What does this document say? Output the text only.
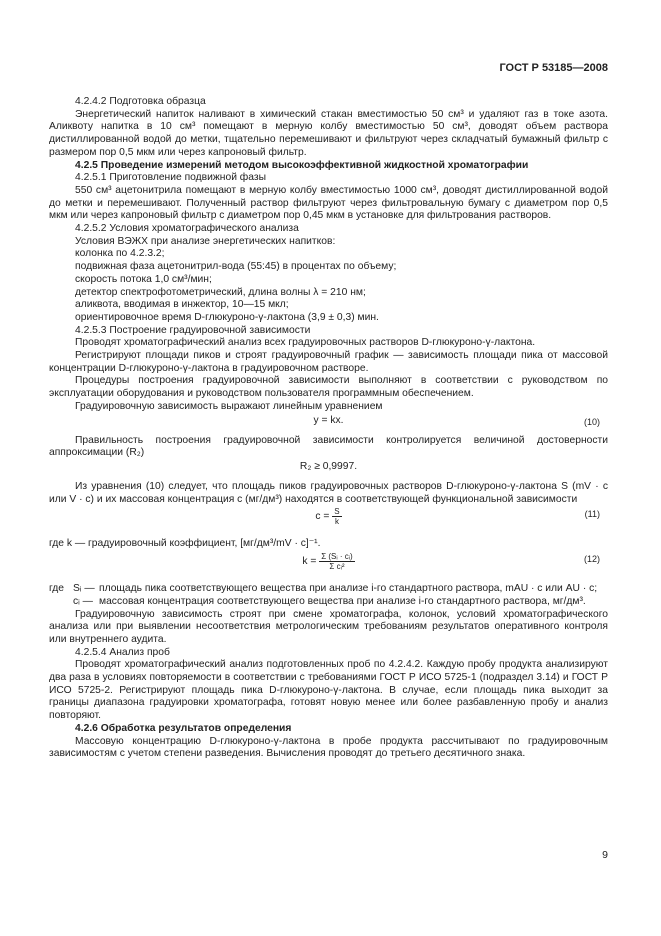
ГОСТ Р 53185—2008

4.2.4.2 Подготовка образца

Энергетический напиток наливают в химический стакан вместимостью 50 см³ и удаляют газ в токе азота. Аликвоту напитка в 10 см³ помещают в мерную колбу вместимостью 50 см³, доводят объем раствора дистиллированной водой до метки, тщательно перемешивают и фильтруют через складчатый бумажный фильтр с размером пор 0,5 мкм или через капроновый фильтр.

4.2.5 Проведение измерений методом высокоэффективной жидкостной хроматографии

4.2.5.1 Приготовление подвижной фазы

550 см³ ацетонитрила помещают в мерную колбу вместимостью 1000 см³, доводят дистиллированной водой до метки и перемешивают. Полученный раствор фильтруют через фильтровальную бумагу с диаметром пор 0,5 мкм или через капроновый фильтр с диаметром пор 0,45 мкм в установке для фильтрования растворов.

4.2.5.2 Условия хроматографического анализа

Условия ВЭЖХ при анализе энергетических напитков:

колонка по 4.2.3.2;

подвижная фаза ацетонитрил-вода (55:45) в процентах по объему;

скорость потока 1,0 см³/мин;

детектор спектрофотометрический, длина волны λ = 210 нм;

аликвота, вводимая в инжектор, 10—15 мкл;

ориентировочное время D-глюкуроно-γ-лактона (3,9 ± 0,3) мин.

4.2.5.3 Построение градуировочной зависимости

Проводят хроматографический анализ всех градуировочных растворов D-глюкуроно-γ-лактона.

Регистрируют площади пиков и строят градуировочный график — зависимость площади пика от массовой концентрации D-глюкуроно-γ-лактона в градуировочном растворе.

Процедуры построения градуировочной зависимости выполняют в соответствии с руководством по эксплуатации оборудования и руководством пользователя программным обеспечением.

Градуировочную зависимость выражают линейным уравнением

y = kx.	(10)

Правильность построения градуировочной зависимости контролируется величиной достоверности аппроксимации (R₂)

R₂ ≥ 0,9997.

Из уравнения (10) следует, что площадь пиков градуировочных растворов D-глюкуроно-γ-лактона S (mV · c или V · c) и их массовая концентрация c (мг/дм³) находятся в соответствующей функциональной зависимости

$c = \frac{S}{k}$	(11)

где k — градуировочный коэффициент, [мг/дм³/mV · c]⁻¹.

$k = \frac{\text{Σ (Sᵢ · cᵢ)}}{\text{Σ cᵢ²}}$	(12)
где Sᵢ — площадь пика соответствующего вещества при анализе i-го стандартного раствора, mAU · c или AU · c;
cᵢ — массовая концентрация соответствующего вещества при анализе i-го стандартного раствора, мг/дм³.

Градуировочную зависимость строят при смене хроматографа, колонок, условий хроматографического анализа или при выявлении несоответствия метрологическим требованиям результатов оперативного контроля или внутреннего аудита.

4.2.5.4 Анализ проб

Проводят хроматографический анализ подготовленных проб по 4.2.4.2. Каждую пробу продукта анализируют два раза в условиях повторяемости в соответствии с требованиями ГОСТ Р ИСО 5725-1 (подраздел 3.14) и ГОСТ Р ИСО 5725-2. Регистрируют площадь пика D-глюкуроно-γ-лактона. В случае, если площадь пика выходит за границы диапазона градуировки хроматографа, готовят новую менее или более разбавленную пробу и анализ повторяют.

4.2.6 Обработка результатов определения

Массовую концентрацию D-глюкуроно-γ-лактона в пробе продукта рассчитывают по градуировочным зависимостям с учетом степени разведения. Вычисления проводят до третьего десятичного знака.

9
